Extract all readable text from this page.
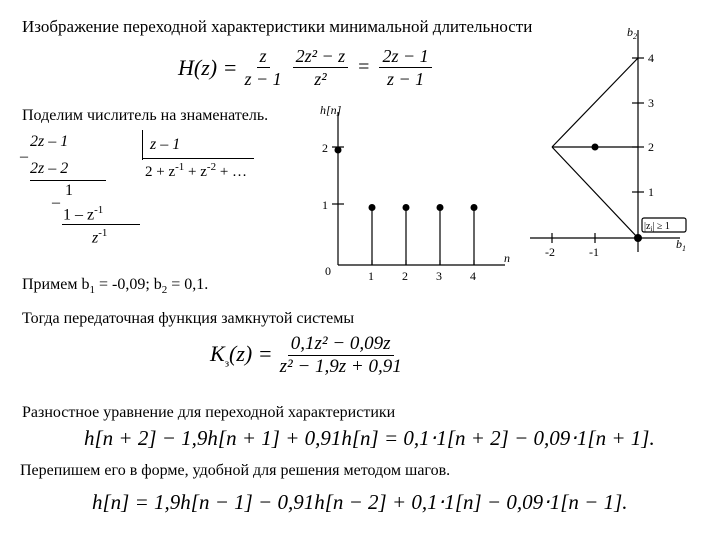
Изображение переходной характеристики минимальной длительности
$H(z) = \frac{z}{z - 1} \frac{\text{2z² − z}}{\text{z²}} = \frac{2z - 1}{z - 1}$
Поделим числитель на знаменатель.
2z – 1
–
2z – 2
1
–
$1 - z^{-1}$
$z^{-1}$
z – 1
$2 + z^{-1} + z^{-2}$ + …
h[n]
n
0
2
1
1 2 3 4
$b_2$
$b_1$
4
3
2
1
-2	-1
$|z_i| \ge 1$
Примем $b_1 = -0,09$; $b_2 = 0,1$.
Тогда передаточная функция замкнутой системы
$K_з(z) = \frac{\text{0,1z² − 0,09z}}{\text{z² − 1,9z + 0,91}}$
Разностное уравнение для переходной характеристики
h[n + 2] − 1,9h[n + 1] + 0,91h[n] = 0,1⋅1[n + 2] − 0,09⋅1[n + 1].
Перепишем его в форме, удобной для решения методом шагов.
h[n] = 1,9h[n − 1] − 0,91h[n − 2] + 0,1⋅1[n] − 0,09⋅1[n − 1].
